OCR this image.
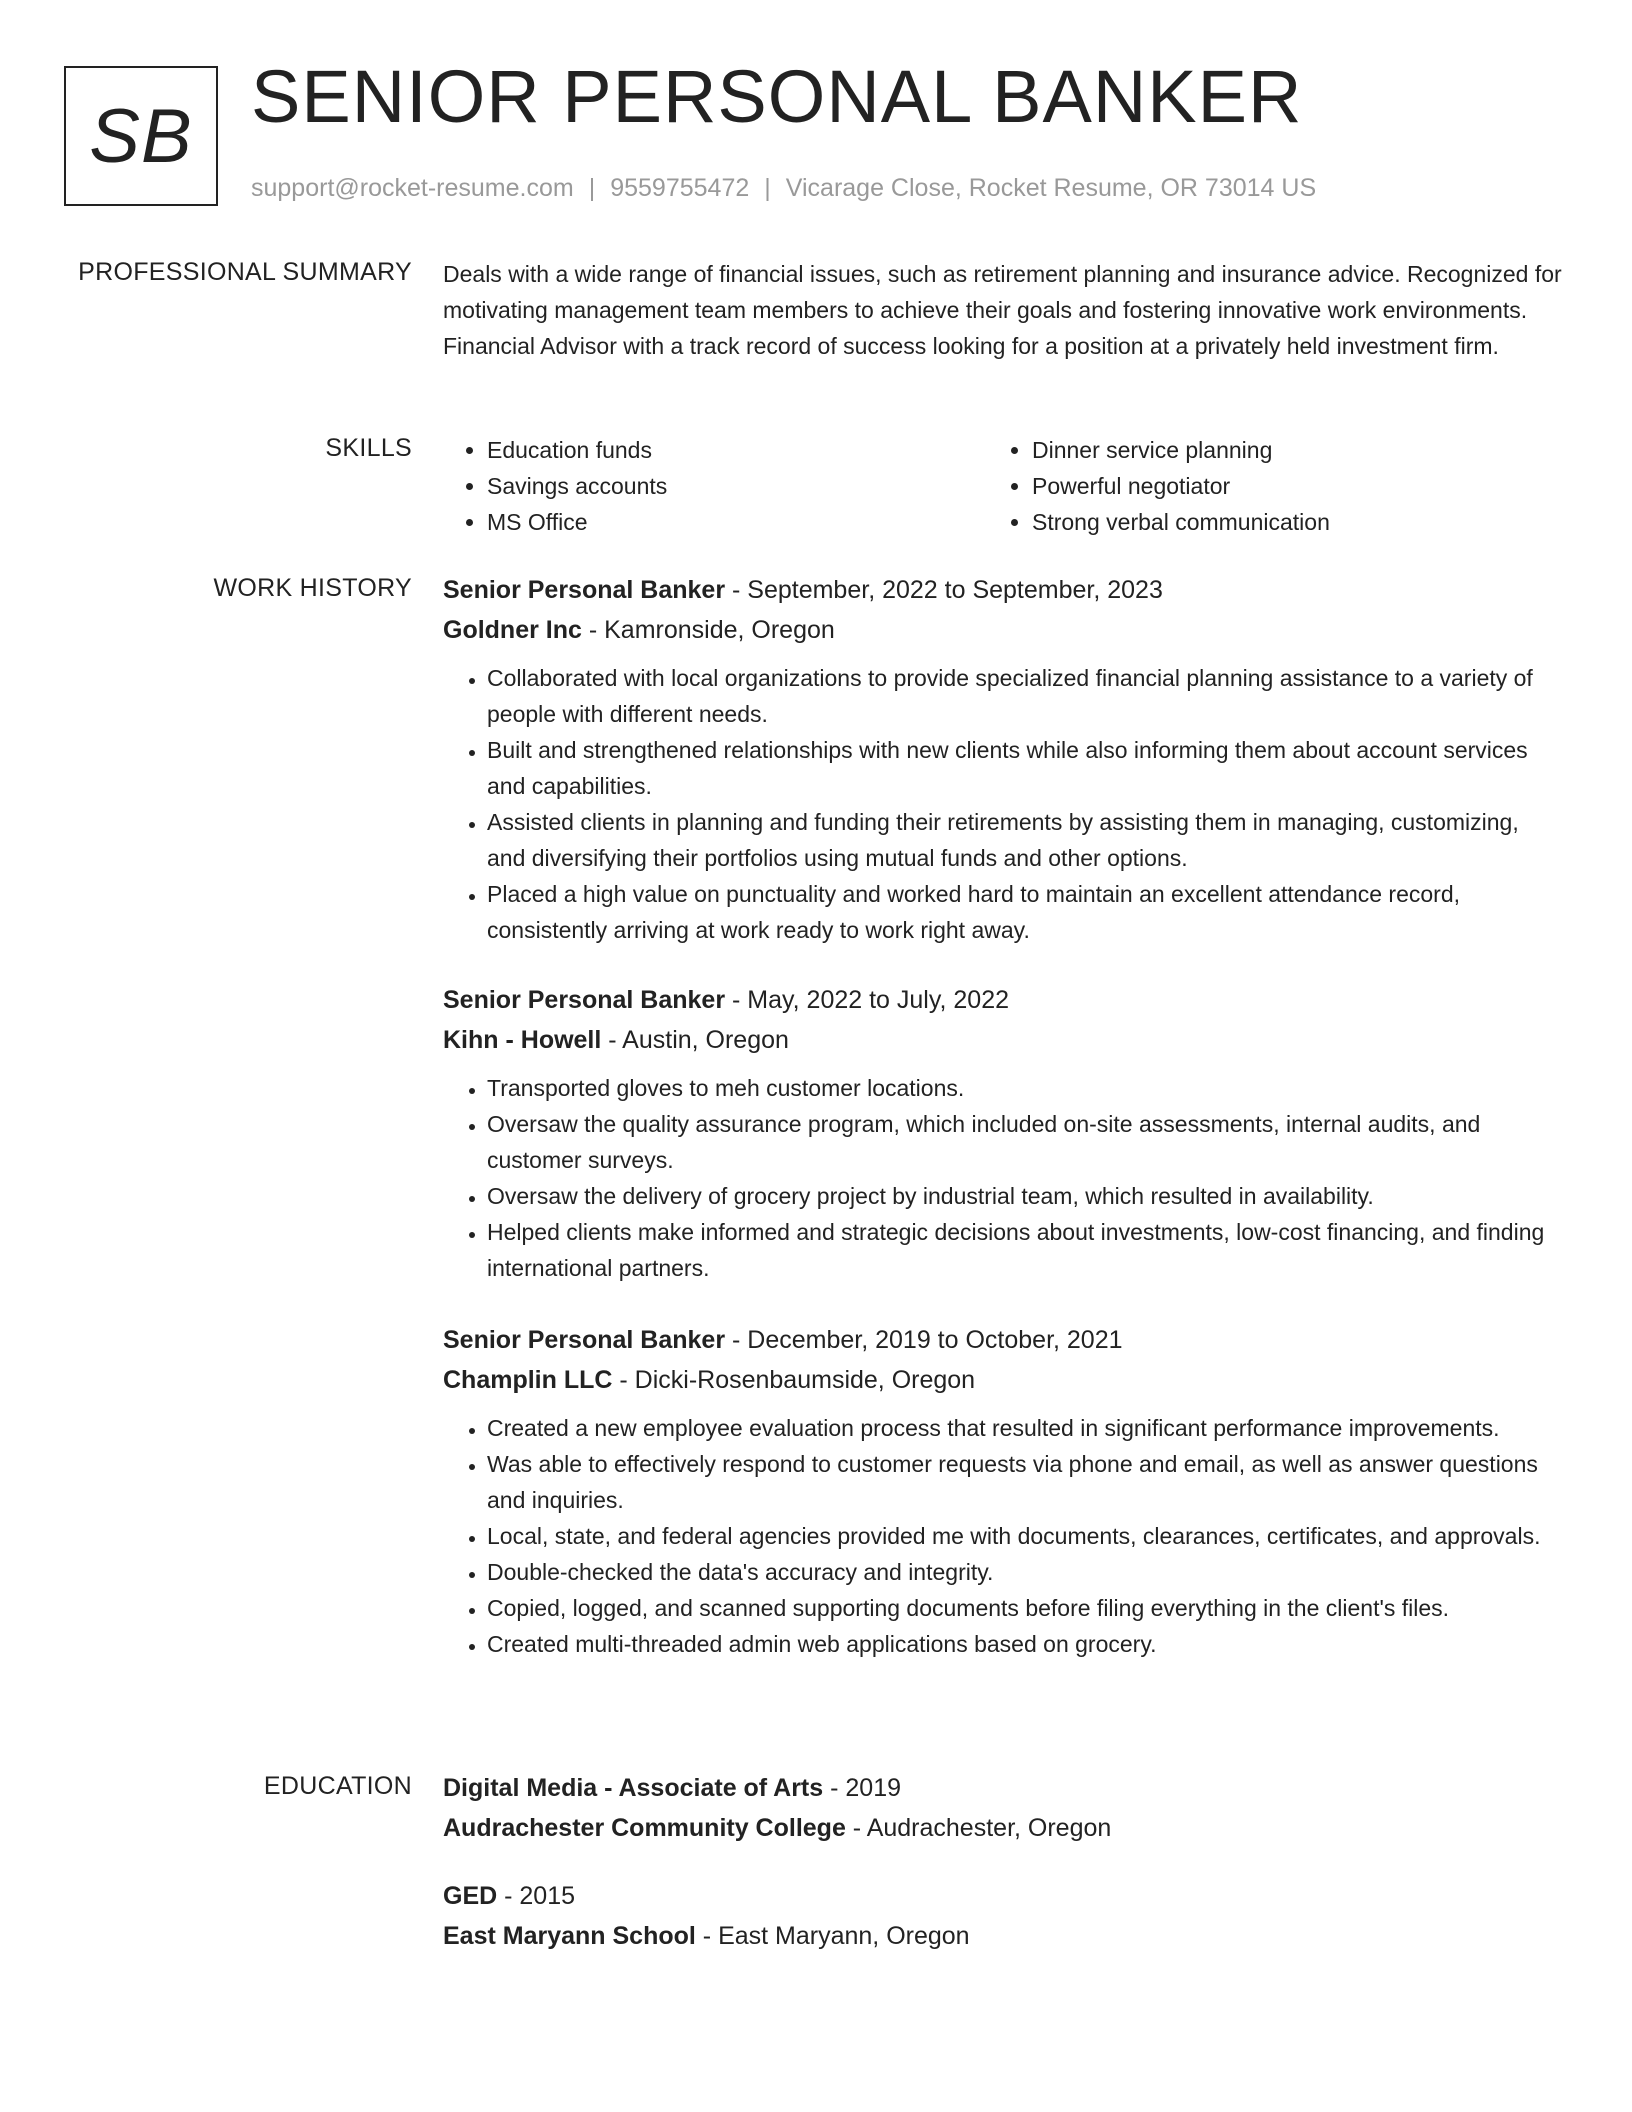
SB SENIOR PERSONAL BANKER
support@rocket-resume.com | 9559755472 | Vicarage Close, Rocket Resume, OR 73014 US
PROFESSIONAL SUMMARY Deals with a wide range of financial issues, such as retirement planning and insurance advice. Recognized for motivating management team members to achieve their goals and fostering innovative work environments. Financial Advisor with a track record of success looking for a position at a privately held investment firm.

SKILLS
•	Education funds
• Savings accounts
• MS Office
• Dinner service planning
• Powerful negotiator
• Strong verbal communication
WORK HISTORY Senior Personal Banker - September, 2022 to September, 2023
Goldner Inc - Kamronside, Oregon
• Collaborated with local organizations to provide specialized financial planning assistance to a variety of people with different needs.
• Built and strengthened relationships with new clients while also informing them about account services and capabilities.
• Assisted clients in planning and funding their retirements by assisting them in managing, customizing, and diversifying their portfolios using mutual funds and other options.
• Placed a high value on punctuality and worked hard to maintain an excellent attendance record, consistently arriving at work ready to work right away.
Senior Personal Banker - May, 2022 to July, 2022
Kihn - Howell - Austin, Oregon
• Transported gloves to meh customer locations.
• Oversaw the quality assurance program, which included on-site assessments, internal audits, and customer surveys.
• Oversaw the delivery of grocery project by industrial team, which resulted in availability.
• Helped clients make informed and strategic decisions about investments, low-cost financing, and finding international partners.
Senior Personal Banker - December, 2019 to October, 2021
Champlin LLC - Dicki-Rosenbaumside, Oregon
• Created a new employee evaluation process that resulted in significant performance improvements.
• Was able to effectively respond to customer requests via phone and email, as well as answer questions and inquiries.
• Local, state, and federal agencies provided me with documents, clearances, certificates, and approvals.
• Double-checked the data's accuracy and integrity.
• Copied, logged, and scanned supporting documents before filing everything in the client's files.
• Created multi-threaded admin web applications based on grocery.
EDUCATION Digital Media - Associate of Arts - 2019
Audrachester Community College - Audrachester, Oregon
GED - 2015
East Maryann School - East Maryann, Oregon
